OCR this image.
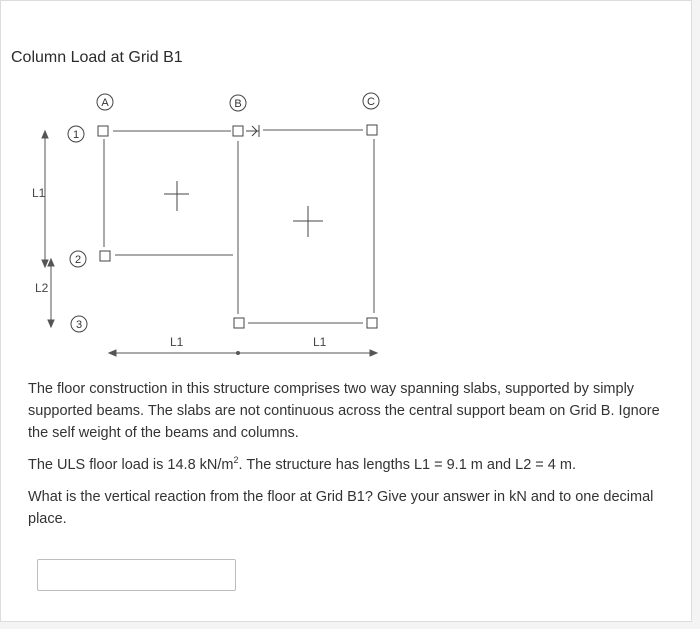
Column Load at Grid B1
A	B	C
1
2
3
L1
L2
L1	L1

The floor construction in this structure comprises two way spanning slabs, supported by simply supported beams. The slabs are not continuous across the central support beam on Grid B. Ignore the self weight of the beams and columns.

The ULS floor load is 14.8 $kN/m^2$. The structure has lengths L1 = 9.1 m and L2 = 4 m.

What is the vertical reaction from the floor at Grid B1? Give your answer in kN and to one decimal place.
